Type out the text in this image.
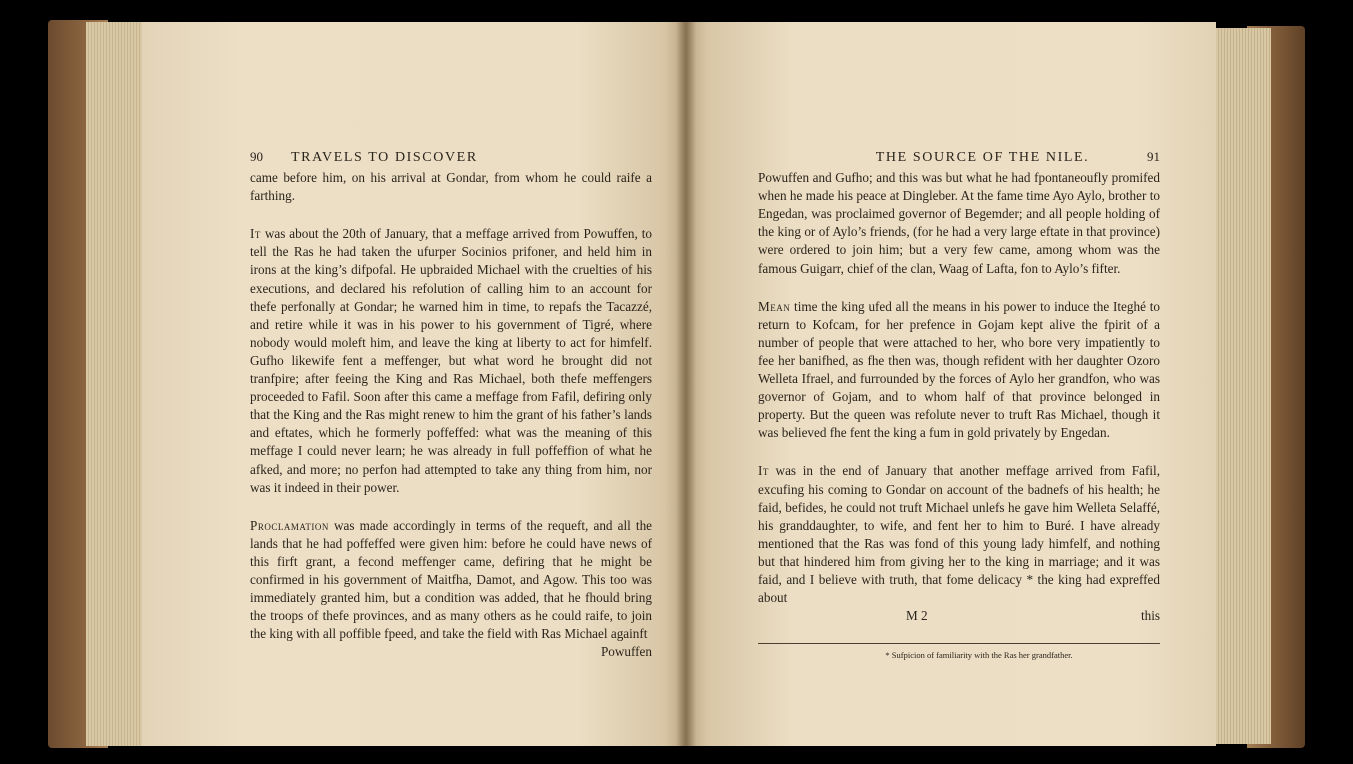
90	TRAVELS TO DISCOVER

came before him, on his arrival at Gondar, from whom he could raife a farthing.

It was about the 20th of January, that a meffage arrived from Powuffen, to tell the Ras he had taken the ufurper Socinios prifoner, and held him in irons at the king’s difpofal. He upbraided Michael with the cruelties of his executions, and declared his refolution of calling him to an account for thefe perfonally at Gondar; he warned him in time, to repafs the Tacazzé, and retire while it was in his power to his government of Tigré, where nobody would moleft him, and leave the king at liberty to act for himfelf. Gufho likewife fent a meffenger, but what word he brought did not tranfpire; after feeing the King and Ras Michael, both thefe meffengers proceeded to Fafil. Soon after this came a meffage from Fafil, defiring only that the King and the Ras might renew to him the grant of his father’s lands and eftates, which he formerly poffeffed: what was the meaning of this meffage I could never learn; he was already in full poffeffion of what he afked, and more; no perfon had attempted to take any thing from him, nor was it indeed in their power.

Proclamation was made accordingly in terms of the requeft, and all the lands that he had poffeffed were given him: before he could have news of this firft grant, a fecond meffenger came, defiring that he might be confirmed in his government of Maitfha, Damot, and Agow. This too was immediately granted him, but a condition was added, that he fhould bring the troops of thefe provinces, and as many others as he could raife, to join the king with all poffible fpeed, and take the field with Ras Michael againft

Powuffen
THE SOURCE OF THE NILE.	91

Powuffen and Gufho; and this was but what he had fpontaneoufly promifed when he made his peace at Dingleber. At the fame time Ayo Aylo, brother to Engedan, was proclaimed governor of Begemder; and all people holding of the king or of Aylo’s friends, (for he had a very large eftate in that province) were ordered to join him; but a very few came, among whom was the famous Guigarr, chief of the clan, Waag of Lafta, fon to Aylo’s fifter.

Mean time the king ufed all the means in his power to induce the Iteghé to return to Kofcam, for her prefence in Gojam kept alive the fpirit of a number of people that were attached to her, who bore very impatiently to fee her banifhed, as fhe then was, though refident with her daughter Ozoro Welleta Ifrael, and furrounded by the forces of Aylo her grandfon, who was governor of Gojam, and to whom half of that province belonged in property. But the queen was refolute never to truft Ras Michael, though it was believed fhe fent the king a fum in gold privately by Engedan.

It was in the end of January that another meffage arrived from Fafil, excufing his coming to Gondar on account of the badnefs of his health; he faid, befides, he could not truft Michael unlefs he gave him Welleta Selaffé, his granddaughter, to wife, and fent her to him to Buré. I have already mentioned that the Ras was fond of this young lady himfelf, and nothing but that hindered him from giving her to the king in marriage; and it was faid, and I believe with truth, that fome delicacy * the king had expreffed about

M 2	this
* Sufpicion of familiarity with the Ras her grandfather.
